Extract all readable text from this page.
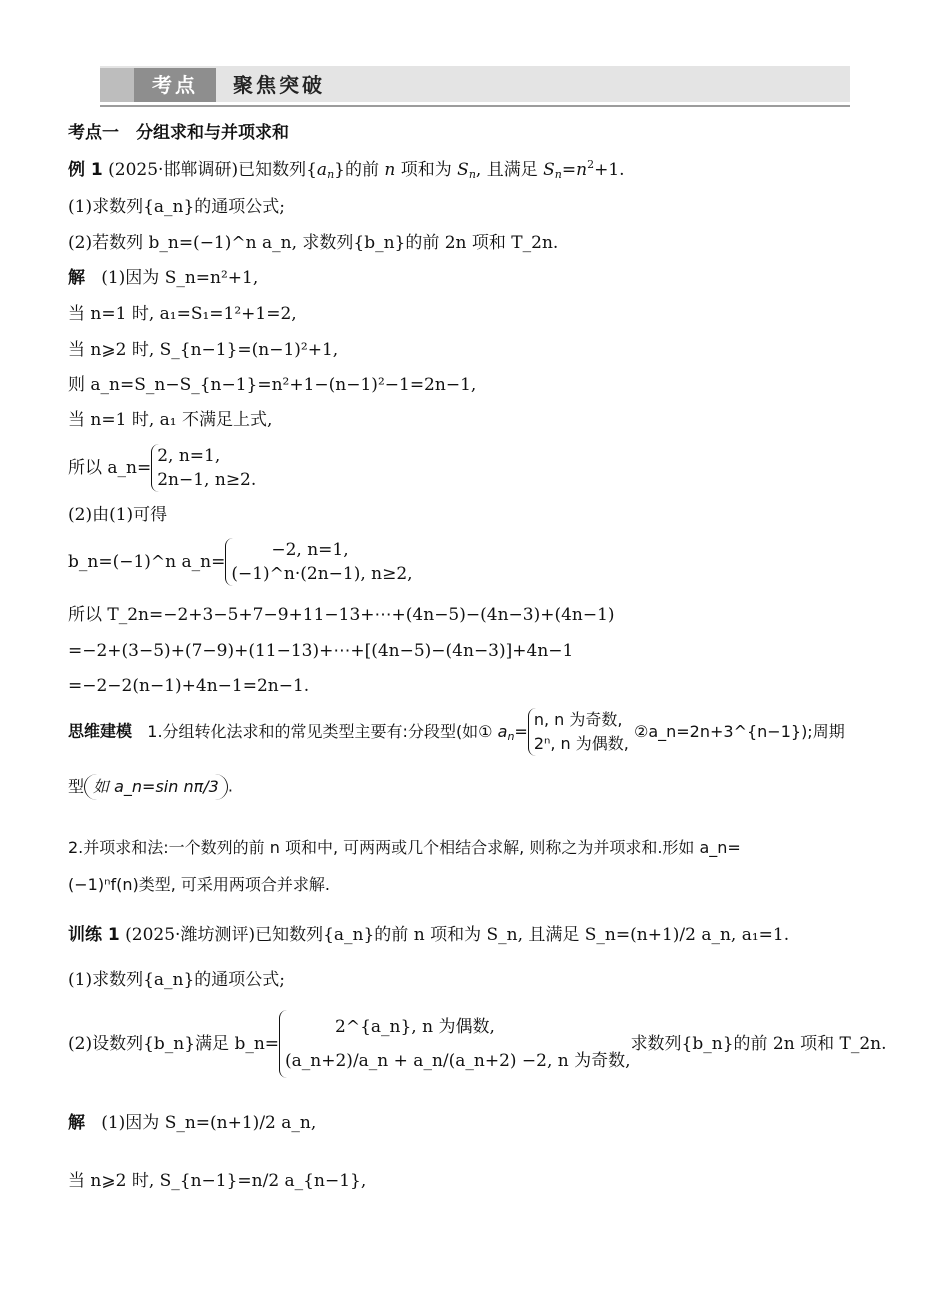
考点	聚焦突破
考点一　分组求和与并项求和
例 1 (2025·邯郸调研)已知数列$\{a_n\}$的前 n 项和为 $S_n$, 且满足 $S_n=n^2+1$.
(1)求数列{a_n}的通项公式;
(2)若数列 b_n=(−1)^n a_n, 求数列{b_n}的前 2n 项和 T_2n.
解 (1)因为 S_n=n²+1,
当 n=1 时, a₁=S₁=1²+1=2,
当 n⩾2 时, S_{n−1}=(n−1)²+1,
则 a_n=S_n−S_{n−1}=n²+1−(n−1)²−1=2n−1,
当 n=1 时, a₁ 不满足上式,
所以 a_n=
2, n=1,
2n−1, n≥2.
(2)由(1)可得
b_n=(−1)^n a_n=
−2, n=1,
(−1)^n·(2n−1), n≥2,
所以 T_2n=−2+3−5+7−9+11−13+⋯+(4n−5)−(4n−3)+(4n−1)
=−2+(3−5)+(7−9)+(11−13)+⋯+[(4n−5)−(4n−3)]+4n−1
=−2−2(n−1)+4n−1=2n−1.
思维建模 1.分组转化法求和的常见类型主要有:分段型(如① $a_n=$
n, n 为奇数,
2ⁿ, n 为偶数,
②a_n=2n+3^{n−1});周期
型 如 a_n=sin nπ/3 .
2.并项求和法:一个数列的前 n 项和中, 可两两或几个相结合求解, 则称之为并项求和.形如 a_n=
(−1)ⁿf(n)类型, 可采用两项合并求解.
训练 1 (2025·潍坊测评)已知数列{a_n}的前 n 项和为 S_n, 且满足 S_n=(n+1)/2 a_n, a₁=1.
(1)求数列{a_n}的通项公式;
(2)设数列{b_n}满足 b_n=
2^{a_n}, n 为偶数,
(a_n+2)/a_n + a_n/(a_n+2) −2, n 为奇数,
求数列{b_n}的前 2n 项和 T_2n.
解 (1)因为 S_n=(n+1)/2 a_n,
当 n⩾2 时, S_{n−1}=n/2 a_{n−1},
